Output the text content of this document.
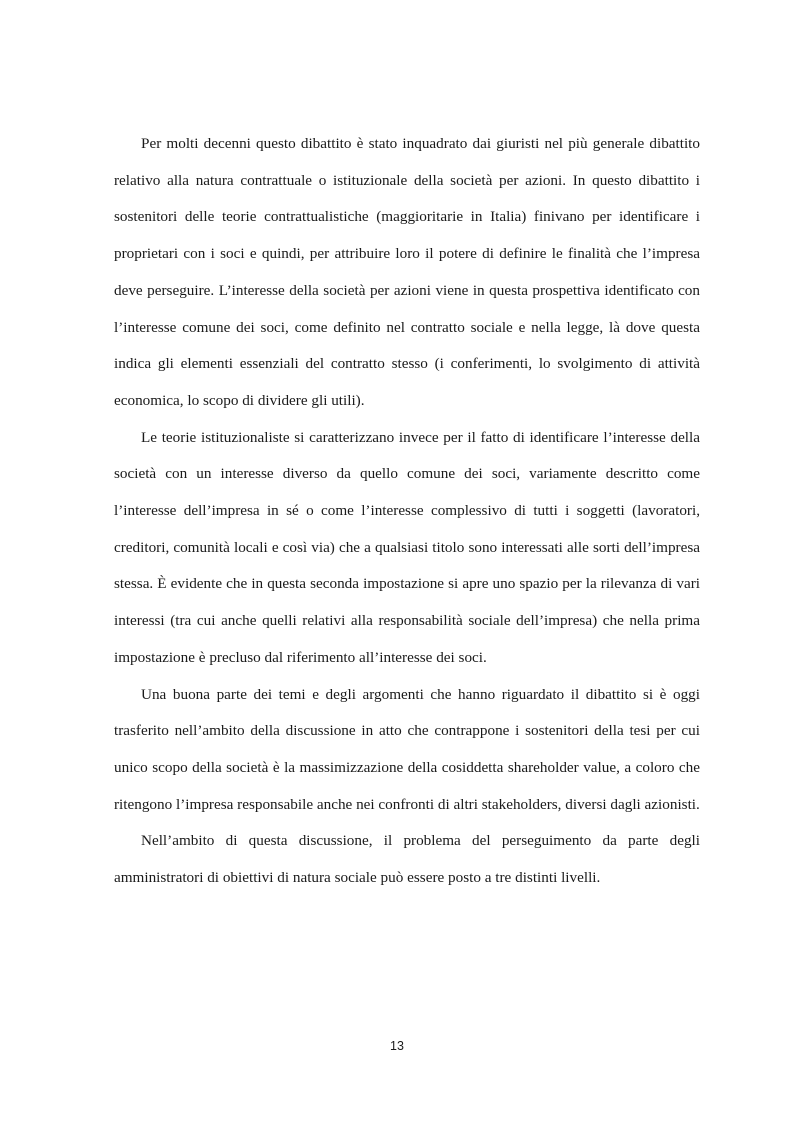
Per molti decenni questo dibattito è stato inquadrato dai giuristi nel più generale dibattito relativo alla natura contrattuale o istituzionale della società per azioni. In questo dibattito i sostenitori delle teorie contrattualistiche (maggioritarie in Italia) finivano per identificare i proprietari con i soci e quindi, per attribuire loro il potere di definire le finalità che l’impresa deve perseguire. L’interesse della società per azioni viene in questa prospettiva identificato con l’interesse comune dei soci, come definito nel contratto sociale e nella legge, là dove questa indica gli elementi essenziali del contratto stesso (i conferimenti, lo svolgimento di attività economica, lo scopo di dividere gli utili).

Le teorie istituzionaliste si caratterizzano invece per il fatto di identificare l’interesse della società con un interesse diverso da quello comune dei soci, variamente descritto come l’interesse dell’impresa in sé o come l’interesse complessivo di tutti i soggetti (lavoratori, creditori, comunità locali e così via) che a qualsiasi titolo sono interessati alle sorti dell’impresa stessa. È evidente che in questa seconda impostazione si apre uno spazio per la rilevanza di vari interessi (tra cui anche quelli relativi alla responsabilità sociale dell’impresa) che nella prima impostazione è precluso dal riferimento all’interesse dei soci.

Una buona parte dei temi e degli argomenti che hanno riguardato il dibattito si è oggi trasferito nell’ambito della discussione in atto che contrappone i sostenitori della tesi per cui unico scopo della società è la massimizzazione della cosiddetta shareholder value, a coloro che ritengono l’impresa responsabile anche nei confronti di altri stakeholders, diversi dagli azionisti.

Nell’ambito di questa discussione, il problema del perseguimento da parte degli amministratori di obiettivi di natura sociale può essere posto a tre distinti livelli.

13
